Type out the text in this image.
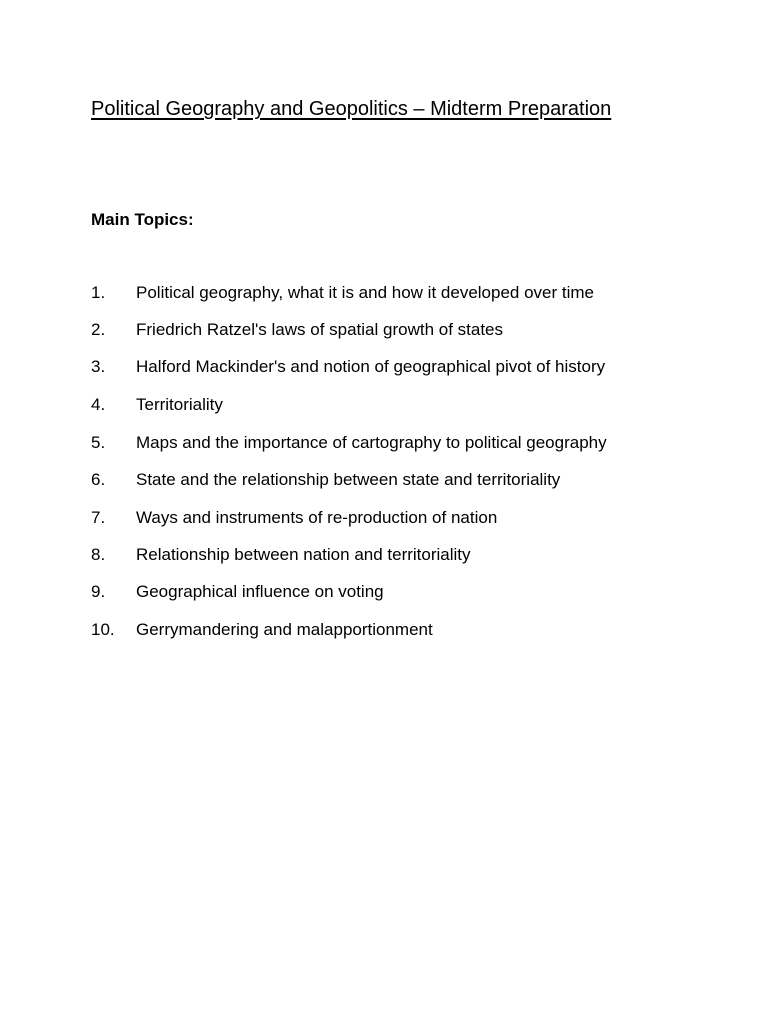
Political Geography and Geopolitics – Midterm Preparation
Main Topics:
1. Political geography, what it is and how it developed over time
2. Friedrich Ratzel's laws of spatial growth of states
3. Halford Mackinder's and notion of geographical pivot of history
4. Territoriality
5. Maps and the importance of cartography to political geography
6. State and the relationship between state and territoriality
7. Ways and instruments of re-production of nation
8. Relationship between nation and territoriality
9. Geographical influence on voting
10. Gerrymandering and malapportionment
